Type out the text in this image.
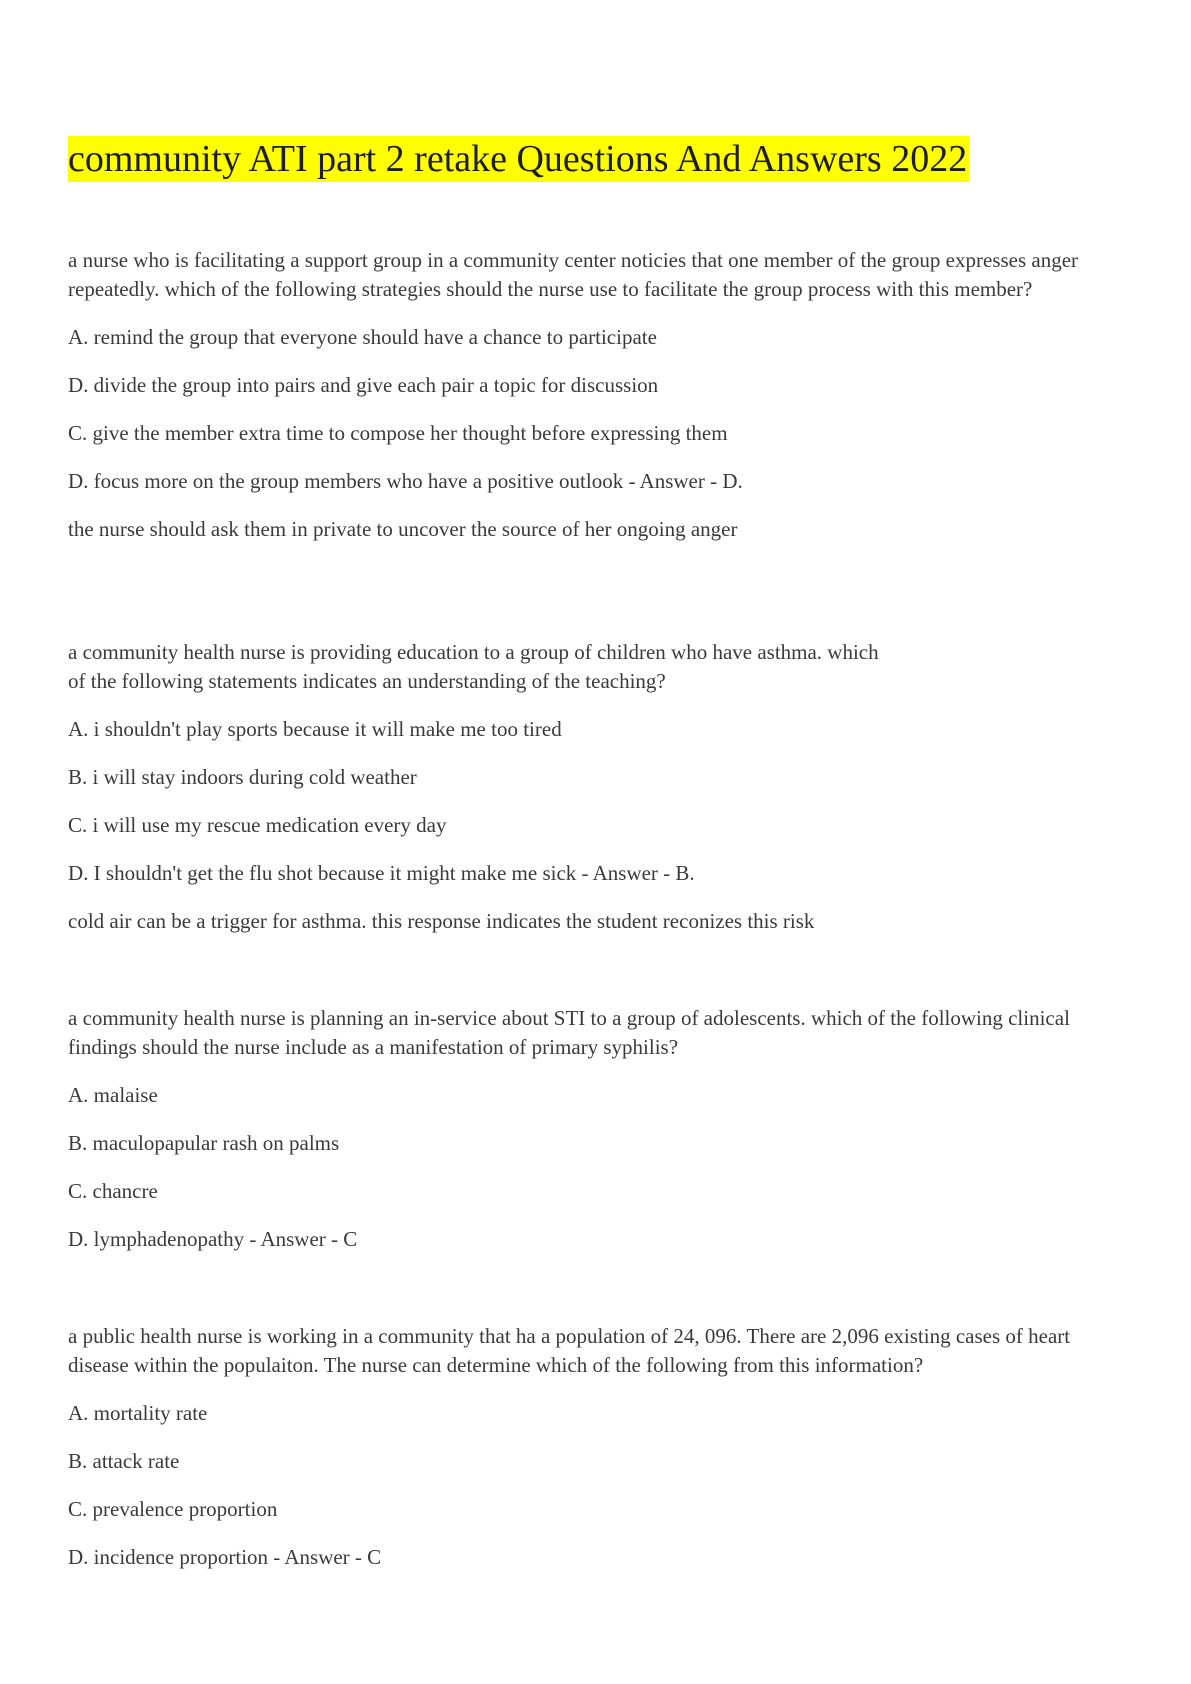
community ATI part 2 retake Questions And Answers 2022

a nurse who is facilitating a support group in a community center noticies that one member of the group expresses anger repeatedly. which of the following strategies should the nurse use to facilitate the group process with this member?

A. remind the group that everyone should have a chance to participate

D. divide the group into pairs and give each pair a topic for discussion

C. give the member extra time to compose her thought before expressing them

D. focus more on the group members who have a positive outlook - Answer - D.

the nurse should ask them in private to uncover the source of her ongoing anger

a community health nurse is providing education to a group of children who have asthma. which

of the following statements indicates an understanding of the teaching?

A. i shouldn't play sports because it will make me too tired

B. i will stay indoors during cold weather

C. i will use my rescue medication every day

D. I shouldn't get the flu shot because it might make me sick - Answer - B.

cold air can be a trigger for asthma. this response indicates the student reconizes this risk

a community health nurse is planning an in-service about STI to a group of adolescents. which of the following clinical findings should the nurse include as a manifestation of primary syphilis?

A. malaise

B. maculopapular rash on palms

C. chancre

D. lymphadenopathy - Answer - C

a public health nurse is working in a community that ha a population of 24, 096. There are 2,096 existing cases of heart disease within the populaiton. The nurse can determine which of the following from this information?

A. mortality rate

B. attack rate

C. prevalence proportion

D. incidence proportion - Answer - C
